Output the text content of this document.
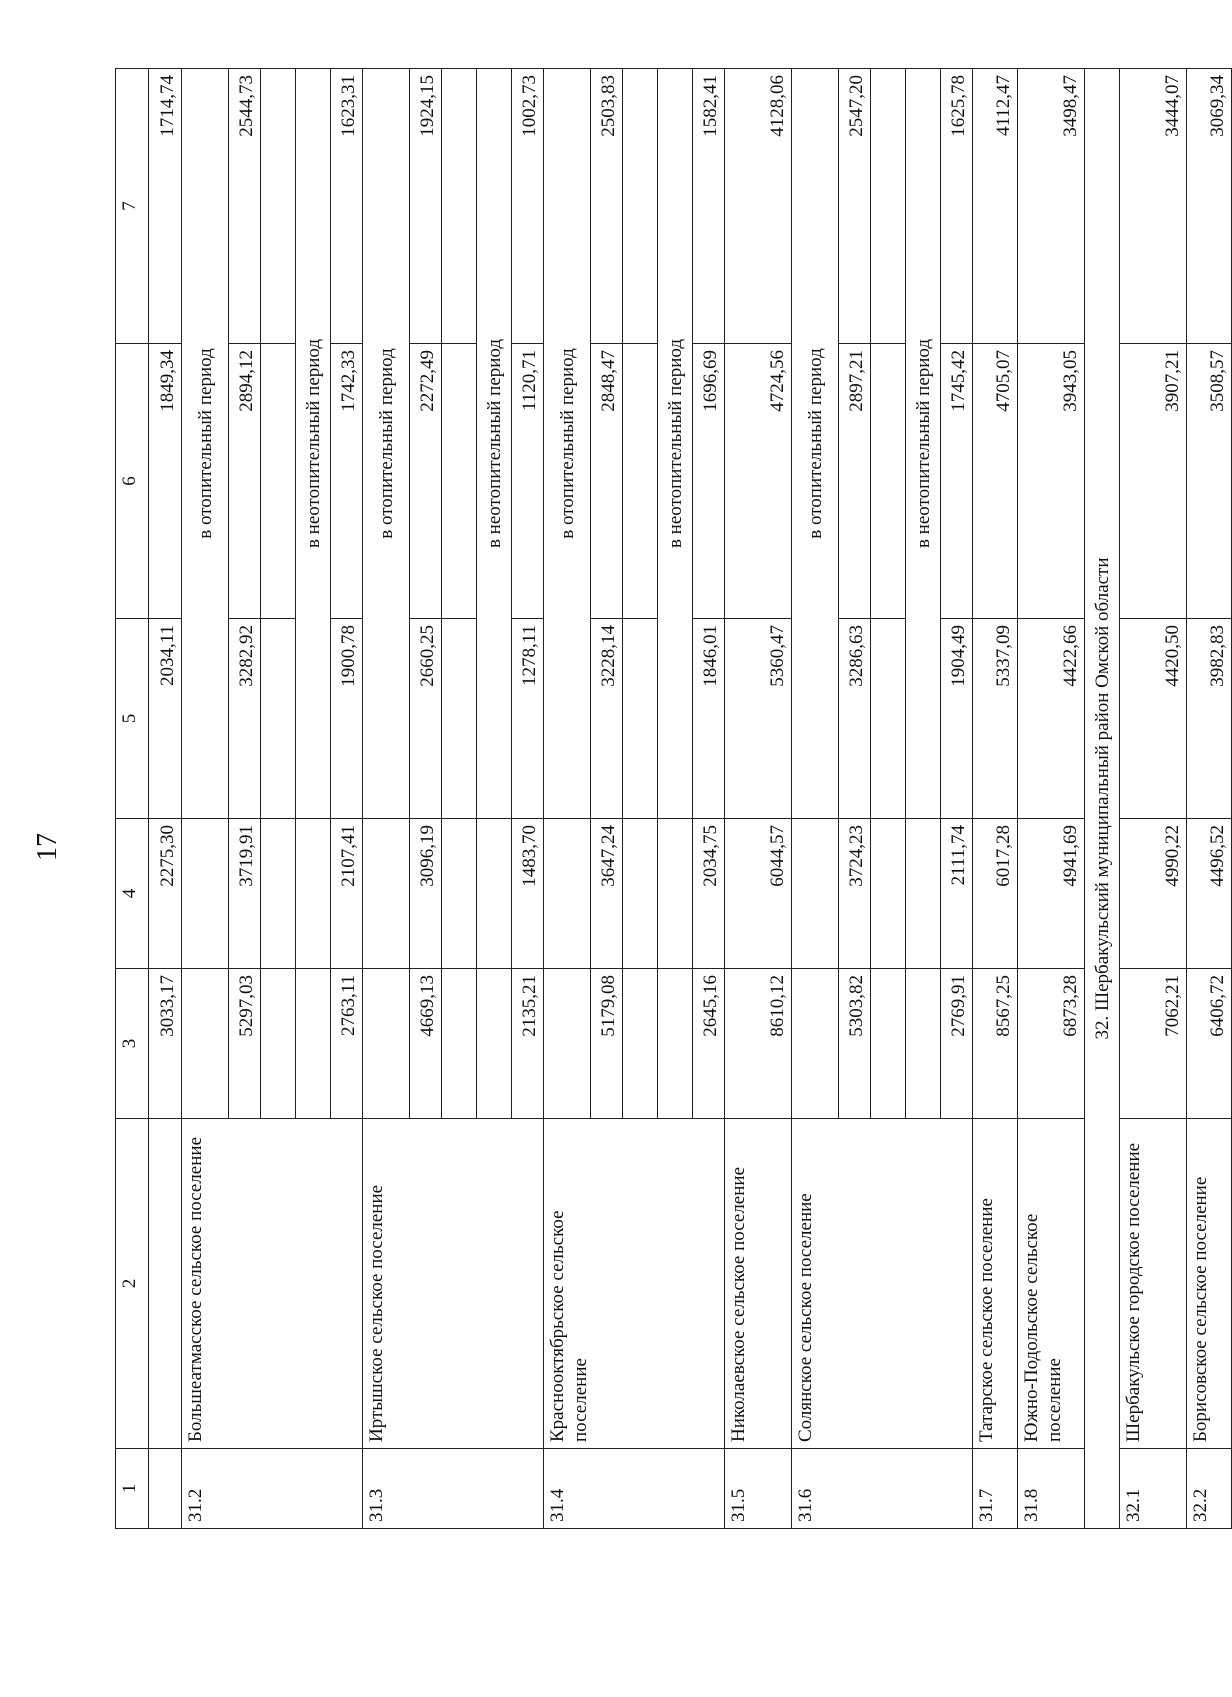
17
1	2	3	4	5	6	7
		3033,17	2275,30	2034,11	1849,34	1714,74
31.2	Большеатмасское сельское поселение			в отопительный период		
		5297,03	3719,91	3282,92	2894,12	2544,73

				в неотопительный период		
		2763,11	2107,41	1900,78	1742,33	1623,31
31.3	Иртышское сельское поселение			в отопительный период		
		4669,13	3096,19	2660,25	2272,49	1924,15

				в неотопительный период		
		2135,21	1483,70	1278,11	1120,71	1002,73
31.4	Краснооктябрьское сельское поселение			в отопительный период		
		5179,08	3647,24	3228,14	2848,47	2503,83

				в неотопительный период		
		2645,16	2034,75	1846,01	1696,69	1582,41
31.5	Николаевское сельское поселение	8610,12	6044,57	5360,47	4724,56	4128,06
31.6	Солянское сельское поселение			в отопительный период		
		5303,82	3724,23	3286,63	2897,21	2547,20

				в неотопительный период		
		2769,91	2111,74	1904,49	1745,42	1625,78
31.7	Татарское сельское поселение	8567,25	6017,28	5337,09	4705,07	4112,47
31.8	Южно-Подольское сельское поселение	6873,28	4941,69	4422,66	3943,05	3498,47
32. Шербакульский муниципальный район Омской области						
32.1	Шербакульское городское поселение	7062,21	4990,22	4420,50	3907,21	3444,07
32.2	Борисовское сельское поселение	6406,72	4496,52	3982,83	3508,57	3069,34
